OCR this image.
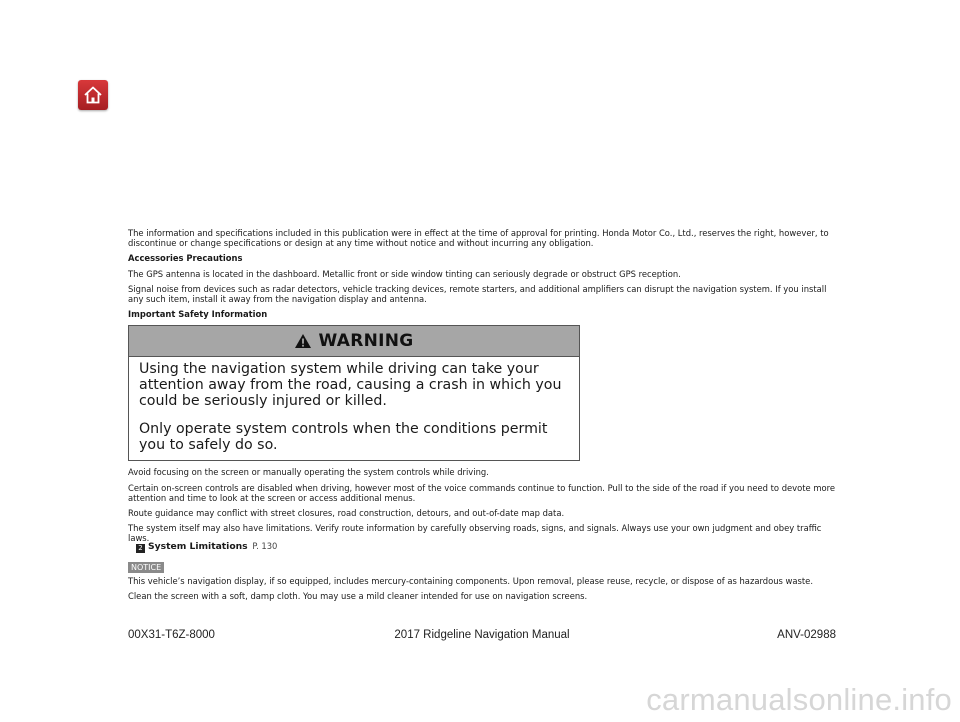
The information and specifications included in this publication were in effect at the time of approval for printing. Honda Motor Co., Ltd., reserves the right, however, to discontinue or change specifications or design at any time without notice and without incurring any obligation.

Accessories Precautions

The GPS antenna is located in the dashboard. Metallic front or side window tinting can seriously degrade or obstruct GPS reception.

Signal noise from devices such as radar detectors, vehicle tracking devices, remote starters, and additional amplifiers can disrupt the navigation system. If you install any such item, install it away from the navigation display and antenna.

Important Safety Information

WARNING

Using the navigation system while driving can take your attention away from the road, causing a crash in which you could be seriously injured or killed.

Only operate system controls when the conditions permit you to safely do so.

Avoid focusing on the screen or manually operating the system controls while driving.

Certain on-screen controls are disabled when driving, however most of the voice commands continue to function. Pull to the side of the road if you need to devote more attention and time to look at the screen or access additional menus.

Route guidance may conflict with street closures, road construction, detours, and out-of-date map data.

The system itself may also have limitations. Verify route information by carefully observing roads, signs, and signals. Always use your own judgment and obey traffic laws.

2 System Limitations P. 130

NOTICE

This vehicle’s navigation display, if so equipped, includes mercury-containing components. Upon removal, please reuse, recycle, or dispose of as hazardous waste.

Clean the screen with a soft, damp cloth. You may use a mild cleaner intended for use on navigation screens.

00X31-T6Z-8000	2017 Ridgeline Navigation Manual	ANV-02988
carmanualsonline.info
